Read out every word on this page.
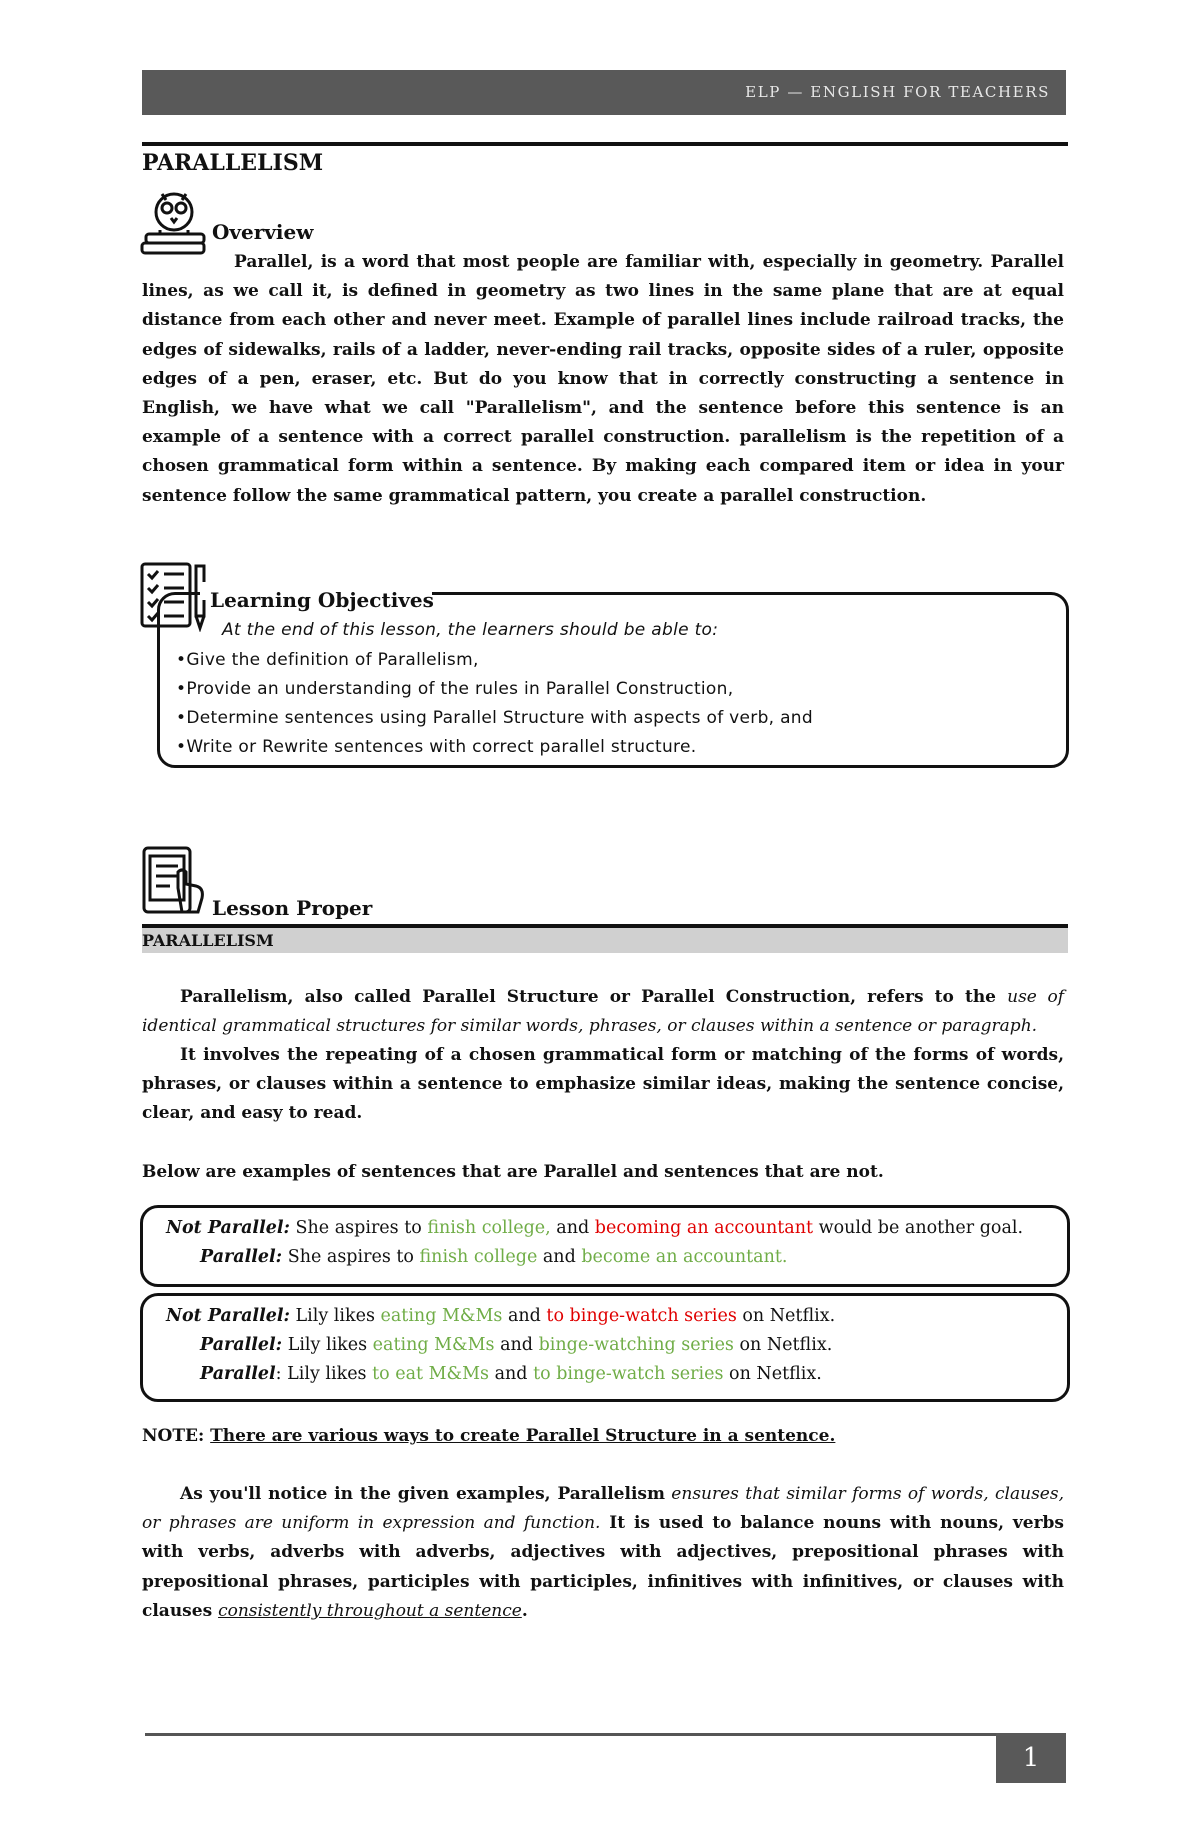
ELP — ENGLISH FOR TEACHERS
PARALLELISM
Overview
Parallel, is a word that most people are familiar with, especially in geometry. Parallel lines, as we call it, is defined in geometry as two lines in the same plane that are at equal distance from each other and never meet. Example of parallel lines include railroad tracks, the edges of sidewalks, rails of a ladder, never-ending rail tracks, opposite sides of a ruler, opposite edges of a pen, eraser, etc. But do you know that in correctly constructing a sentence in English, we have what we call "Parallelism", and the sentence before this sentence is an example of a sentence with a correct parallel construction. parallelism is the repetition of a chosen grammatical form within a sentence. By making each compared item or idea in your sentence follow the same grammatical pattern, you create a parallel construction.
Learning Objectives
At the end of this lesson, the learners should be able to:
•Give the definition of Parallelism,
•Provide an understanding of the rules in Parallel Construction,
•Determine sentences using Parallel Structure with aspects of verb, and
•Write or Rewrite sentences with correct parallel structure.
Lesson Proper
PARALLELISM
Parallelism, also called Parallel Structure or Parallel Construction, refers to the use of identical grammatical structures for similar words, phrases, or clauses within a sentence or paragraph.
It involves the repeating of a chosen grammatical form or matching of the forms of words, phrases, or clauses within a sentence to emphasize similar ideas, making the sentence concise, clear, and easy to read.
Below are examples of sentences that are Parallel and sentences that are not.
Not Parallel: She aspires to finish college, and becoming an accountant would be another goal.
Parallel: She aspires to finish college and become an accountant.
Not Parallel: Lily likes eating M&Ms and to binge-watch series on Netflix.
Parallel: Lily likes eating M&Ms and binge-watching series on Netflix.
Parallel: Lily likes to eat M&Ms and to binge-watch series on Netflix.
NOTE: There are various ways to create Parallel Structure in a sentence.
As you'll notice in the given examples, Parallelism ensures that similar forms of words, clauses, or phrases are uniform in expression and function. It is used to balance nouns with nouns, verbs with verbs, adverbs with adverbs, adjectives with adjectives, prepositional phrases with prepositional phrases, participles with participles, infinitives with infinitives, or clauses with clauses consistently throughout a sentence.
1
